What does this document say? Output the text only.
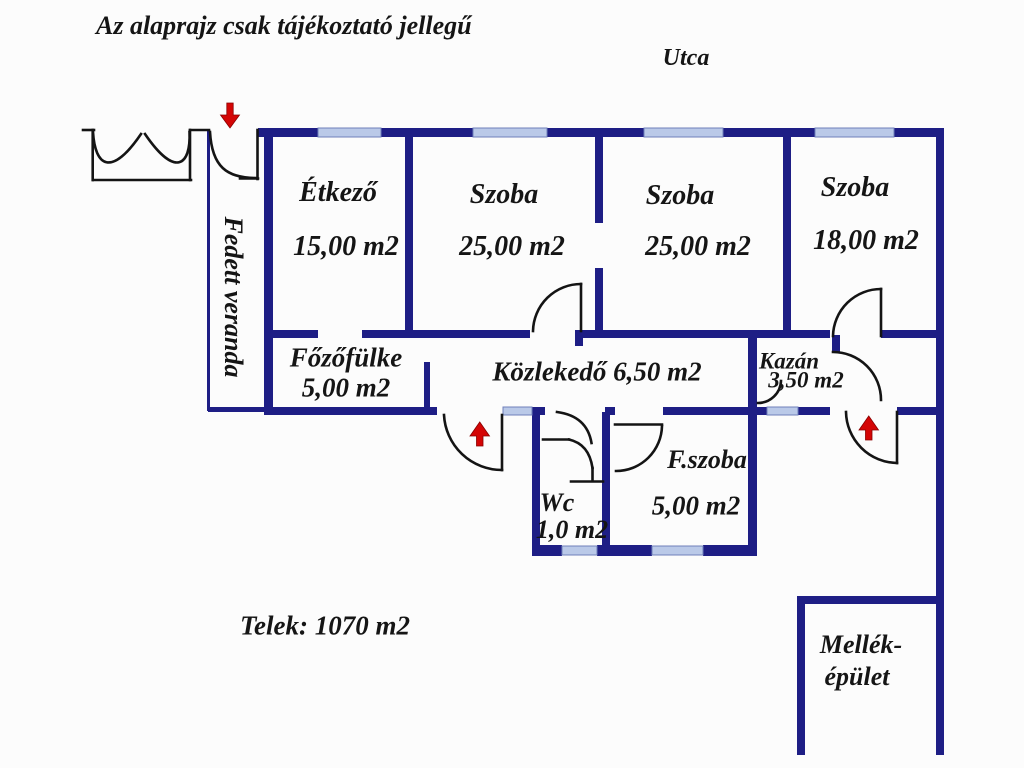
Az alaprajz csak tájékoztató jellegű
Utca
Étkező
15,00 m2
Szoba
25,00 m2
Szoba
25,00 m2
Szoba
18,00 m2
Főzőfülke
5,00 m2
Közlekedő 6,50 m2 Kazán
3,50 m2
Wc
1,0 m2
F.szoba
5,00 m2
Fedett veranda
Telek: 1070 m2
Mellék-
épület
